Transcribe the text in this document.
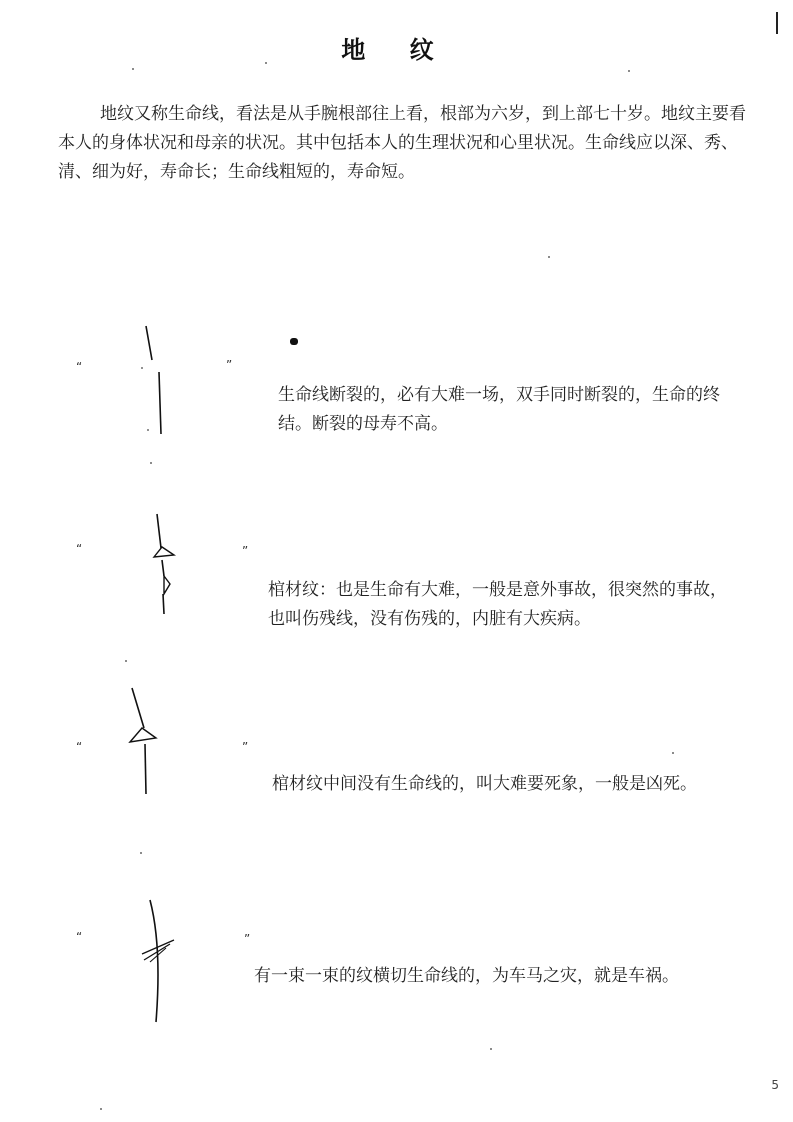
地 纹
地纹又称生命线，看法是从手腕根部往上看，根部为六岁，到上部七十岁。地纹主要看本人的身体状况和母亲的状况。其中包括本人的生理状况和心里状况。生命线应以深、秀、清、细为好，寿命长；生命线粗短的，寿命短。
“	”
生命线断裂的，必有大难一场，双手同时断裂的，生命的终结。断裂的母寿不高。
“	”
棺材纹：也是生命有大难，一般是意外事故，很突然的事故，也叫伤残线，没有伤残的，内脏有大疾病。
“	”
棺材纹中间没有生命线的，叫大难要死象，一般是凶死。
“	”
有一束一束的纹横切生命线的，为车马之灾，就是车祸。
5
